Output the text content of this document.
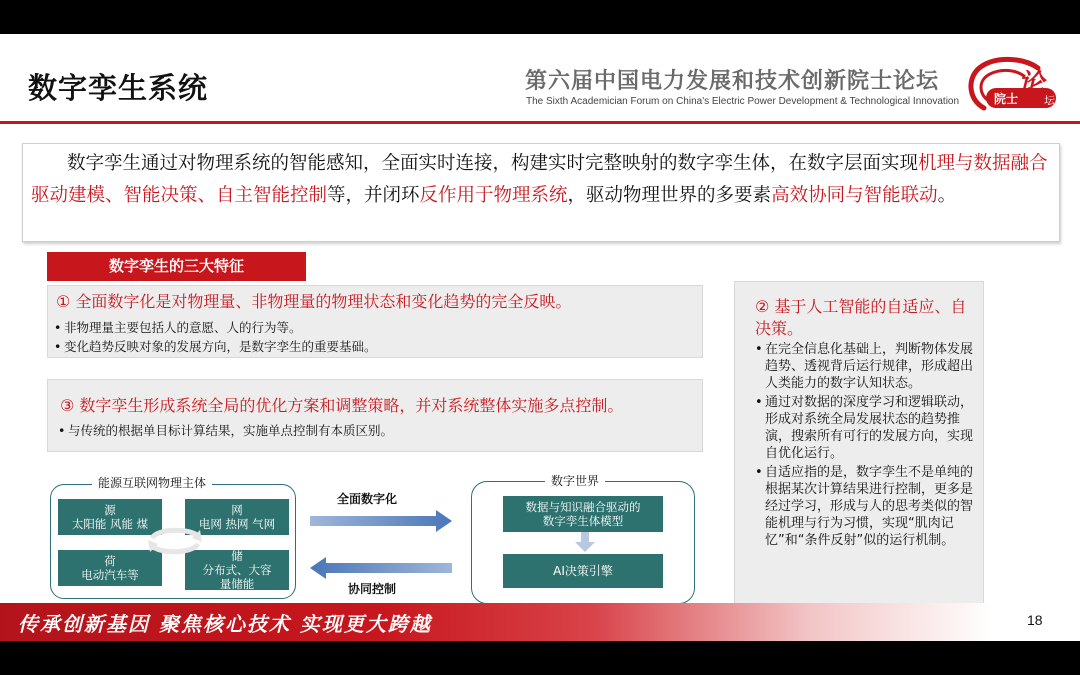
数字孪生系统	第六届中国电力发展和技术创新院士论坛
The Sixth Academician Forum on China's Electric Power Development & Technological Innovation	院士 论
坛
数字孪生通过对物理系统的智能感知，全面实时连接，构建实时完整映射的数字孪生体，在数字层面实现机理与数据融合驱动建模、智能决策、自主智能控制等，并闭环反作用于物理系统，驱动物理世界的多要素高效协同与智能联动。
数字孪生的三大特征
① 全面数字化是对物理量、非物理量的物理状态和变化趋势的完全反映。
• 非物理量主要包括人的意愿、人的行为等。
• 变化趋势反映对象的发展方向，是数字孪生的重要基础。
③ 数字孪生形成系统全局的优化方案和调整策略，并对系统整体实施多点控制。
• 与传统的根据单目标计算结果，实施单点控制有本质区别。
② 基于人工智能的自适应、自决策。
• 在完全信息化基础上，判断物体发展趋势、透视背后运行规律，形成超出人类能力的数字认知状态。
• 通过对数据的深度学习和逻辑联动，形成对系统全局发展状态的趋势推演，搜索所有可行的发展方向，实现自优化运行。
• 自适应指的是，数字孪生不是单纯的根据某次计算结果进行控制，更多是经过学习，形成与人的思考类似的智能机理与行为习惯，实现“肌肉记忆”和“条件反射”似的运行机制。
能源互联网物理主体
源
太阳能 风能 煤
网
电网 热网 气网
荷
电动汽车等
储
分布式、大容
量储能
全面数字化
协同控制
数字世界
数据与知识融合驱动的
数字孪生体模型
AI决策引擎
传承创新基因 聚焦核心技术 实现更大跨越	18
